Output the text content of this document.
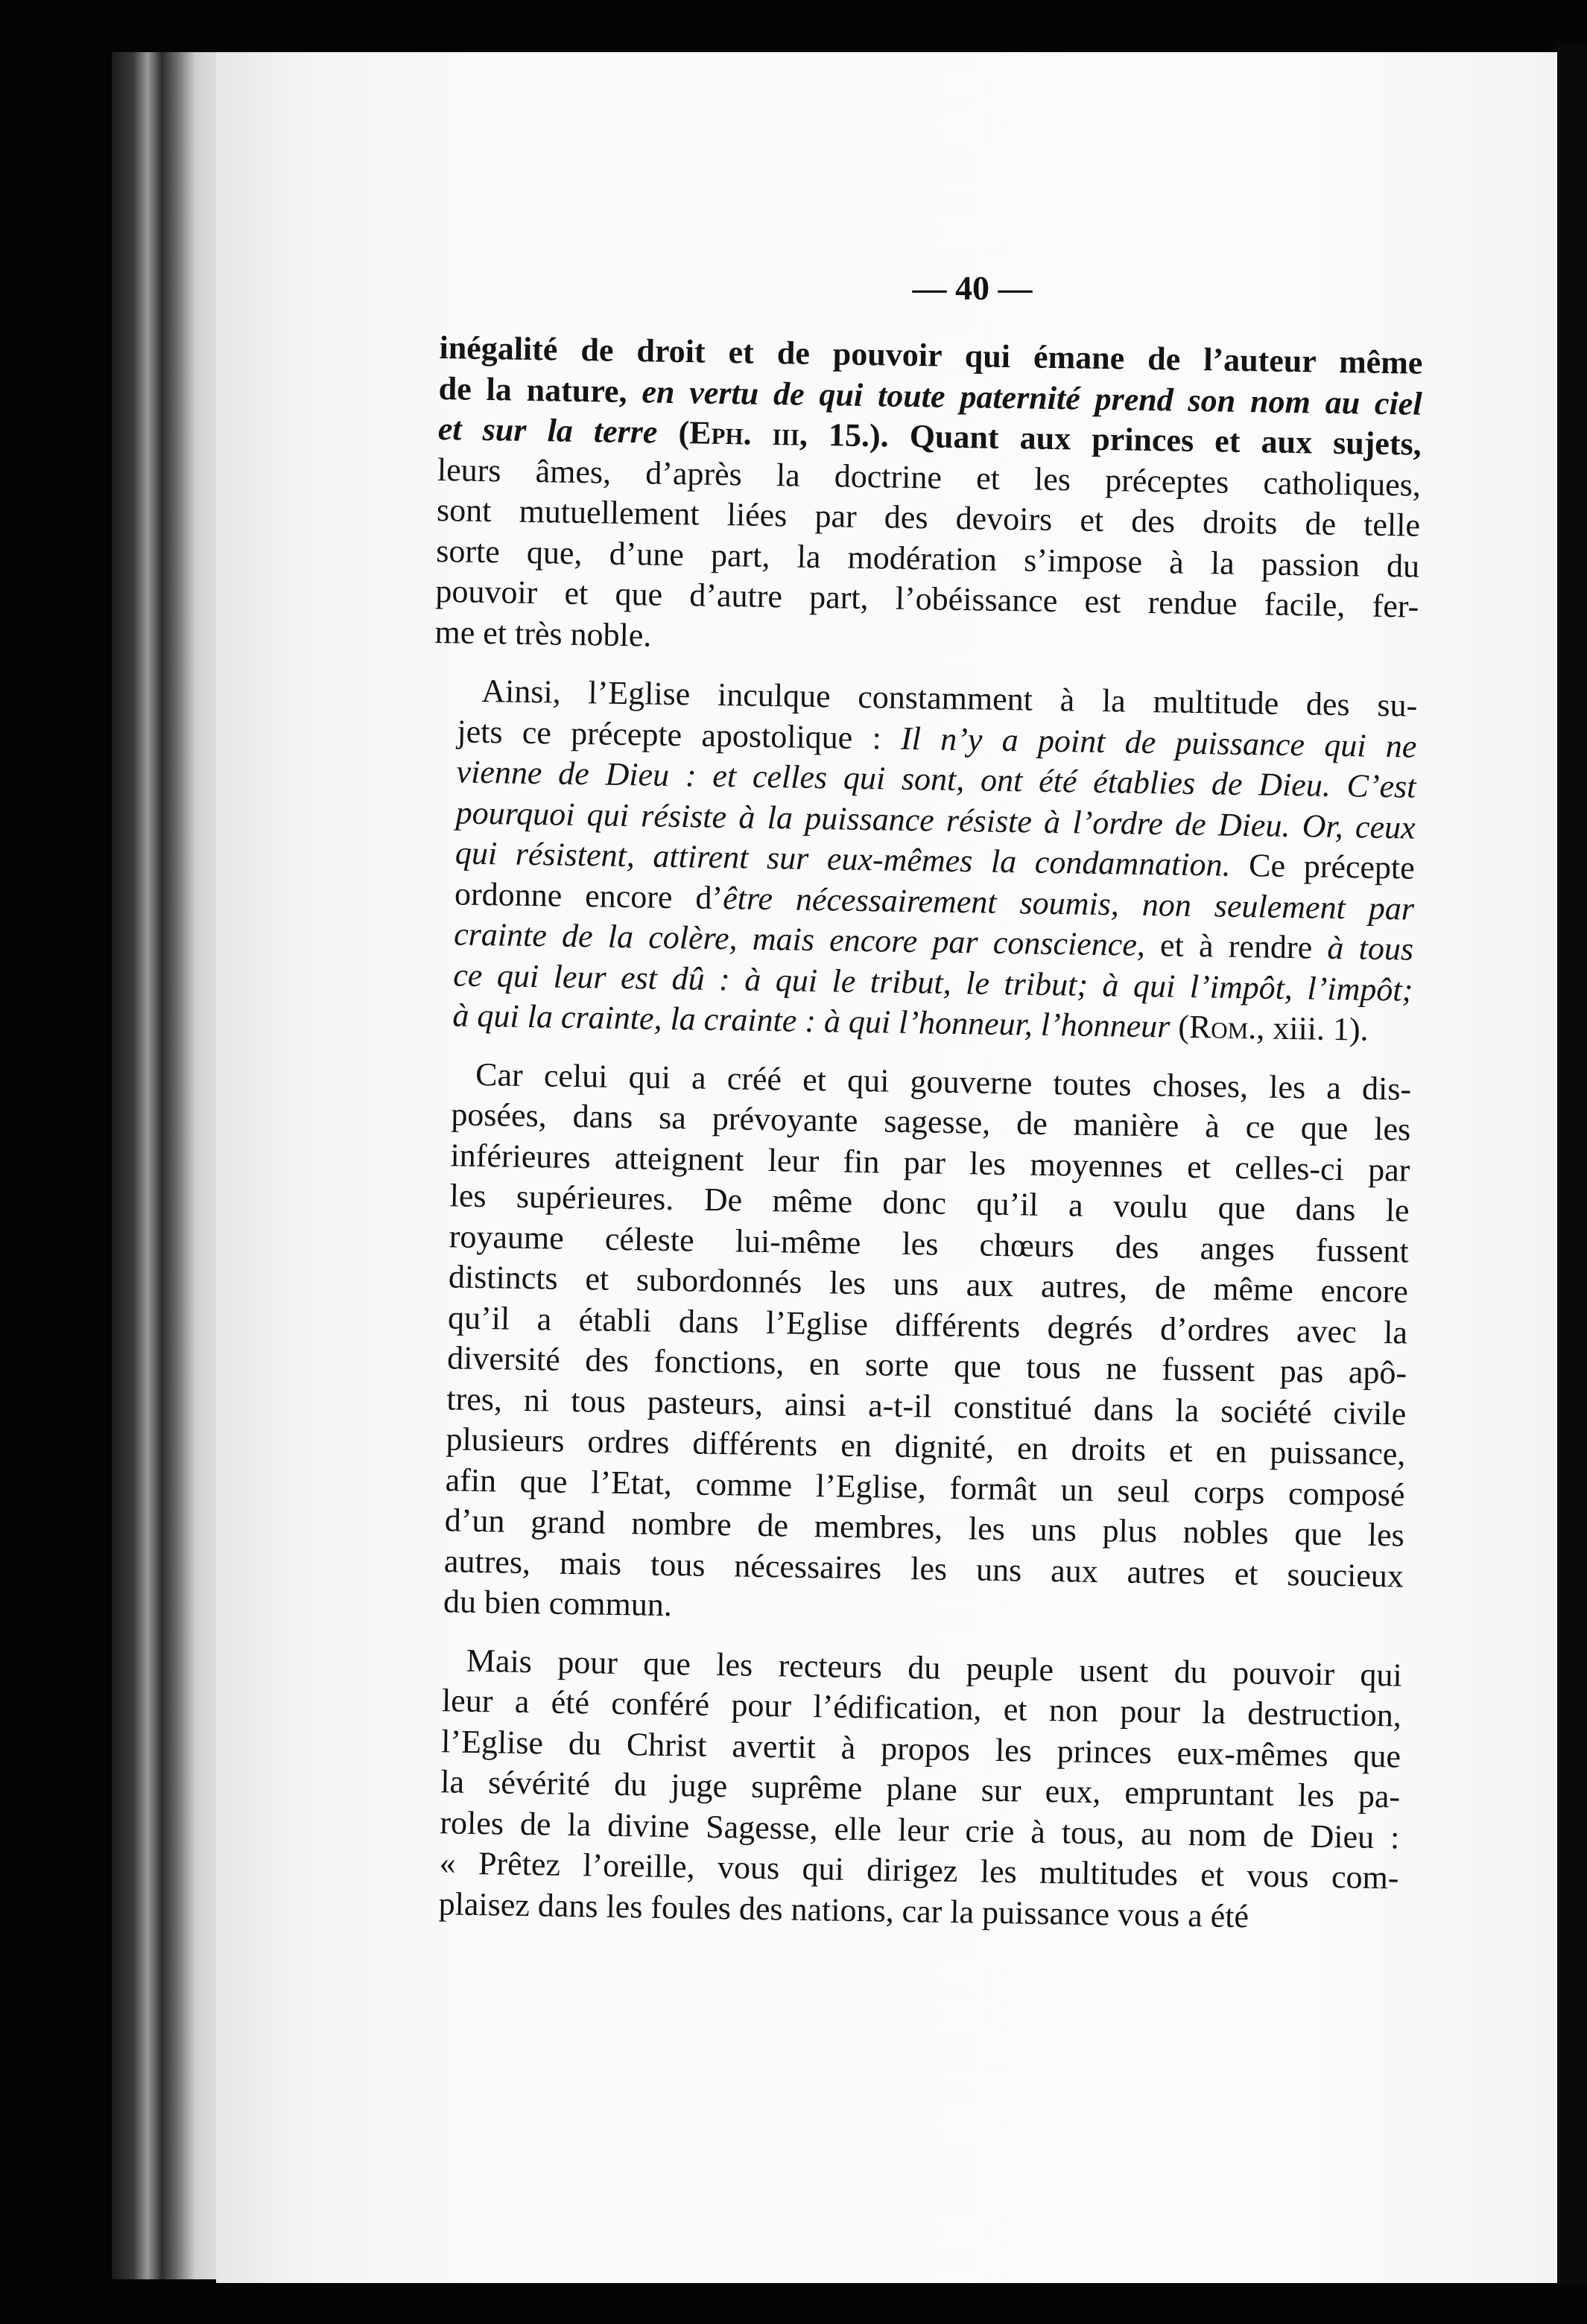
— 40 —

inégalité de droit et de pouvoir qui émane de l’auteur même
de la nature, en vertu de qui toute paternité prend son nom au ciel
et sur la terre (Eph. iii, 15.). Quant aux princes et aux sujets,
leurs âmes, d’après la doctrine et les préceptes catholiques,
sont mutuellement liées par des devoirs et des droits de telle
sorte que, d’une part, la modération s’impose à la passion du
pouvoir et que d’autre part, l’obéissance est rendue facile, fer-
me et très noble.

Ainsi, l’Eglise inculque constamment à la multitude des su-
jets ce précepte apostolique : Il n’y a point de puissance qui ne
vienne de Dieu : et celles qui sont, ont été établies de Dieu. C’est
pourquoi qui résiste à la puissance résiste à l’ordre de Dieu. Or, ceux
qui résistent, attirent sur eux-mêmes la condamnation. Ce précepte
ordonne encore d’être nécessairement soumis, non seulement par
crainte de la colère, mais encore par conscience, et à rendre à tous
ce qui leur est dû : à qui le tribut, le tribut; à qui l’impôt, l’impôt;
à qui la crainte, la crainte : à qui l’honneur, l’honneur (Rom., xiii. 1).

Car celui qui a créé et qui gouverne toutes choses, les a dis-
posées, dans sa prévoyante sagesse, de manière à ce que les
inférieures atteignent leur fin par les moyennes et celles-ci par
les supérieures. De même donc qu’il a voulu que dans le
royaume céleste lui-même les chœurs des anges fussent
distincts et subordonnés les uns aux autres, de même encore
qu’il a établi dans l’Eglise différents degrés d’ordres avec la
diversité des fonctions, en sorte que tous ne fussent pas apô-
tres, ni tous pasteurs, ainsi a-t-il constitué dans la société civile
plusieurs ordres différents en dignité, en droits et en puissance,
afin que l’Etat, comme l’Eglise, formât un seul corps composé
d’un grand nombre de membres, les uns plus nobles que les
autres, mais tous nécessaires les uns aux autres et soucieux
du bien commun.

Mais pour que les recteurs du peuple usent du pouvoir qui
leur a été conféré pour l’édification, et non pour la destruction,
l’Eglise du Christ avertit à propos les princes eux-mêmes que
la sévérité du juge suprême plane sur eux, empruntant les pa-
roles de la divine Sagesse, elle leur crie à tous, au nom de Dieu :
« Prêtez l’oreille, vous qui dirigez les multitudes et vous com-
plaisez dans les foules des nations, car la puissance vous a été
